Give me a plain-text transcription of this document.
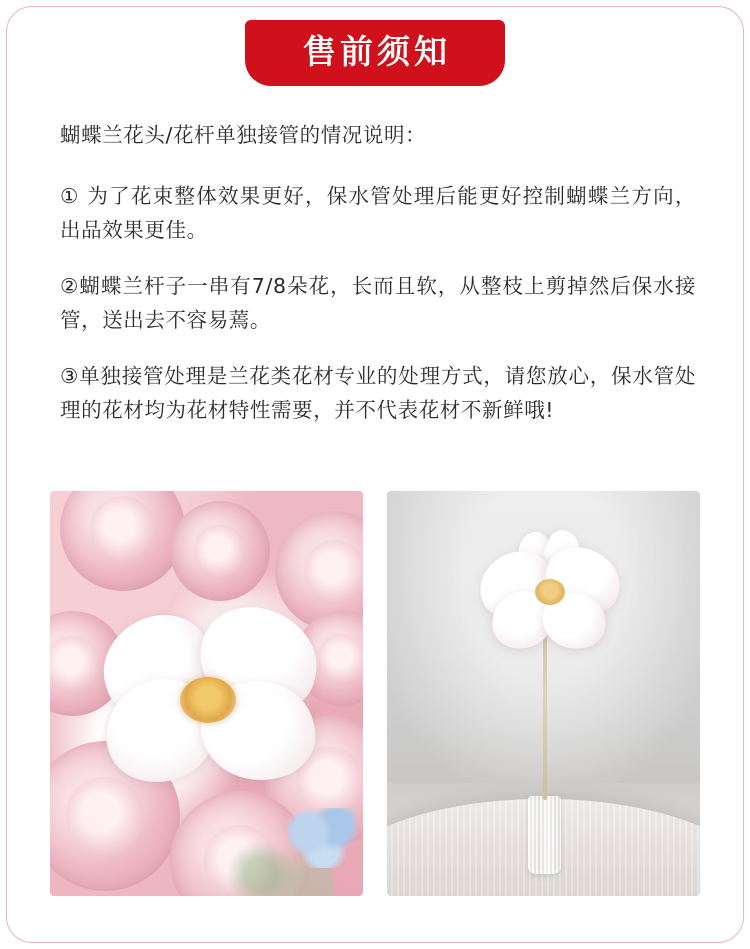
售前须知

蝴蝶兰花头/花杆单独接管的情况说明：

① 为了花束整体效果更好，保水管处理后能更好控制蝴蝶兰方向，出品效果更佳。

②蝴蝶兰杆子一串有7/8朵花，长而且软，从整枝上剪掉然后保水接管，送出去不容易蔫。

③单独接管处理是兰花类花材专业的处理方式，请您放心，保水管处理的花材均为花材特性需要，并不代表花材不新鲜哦!
